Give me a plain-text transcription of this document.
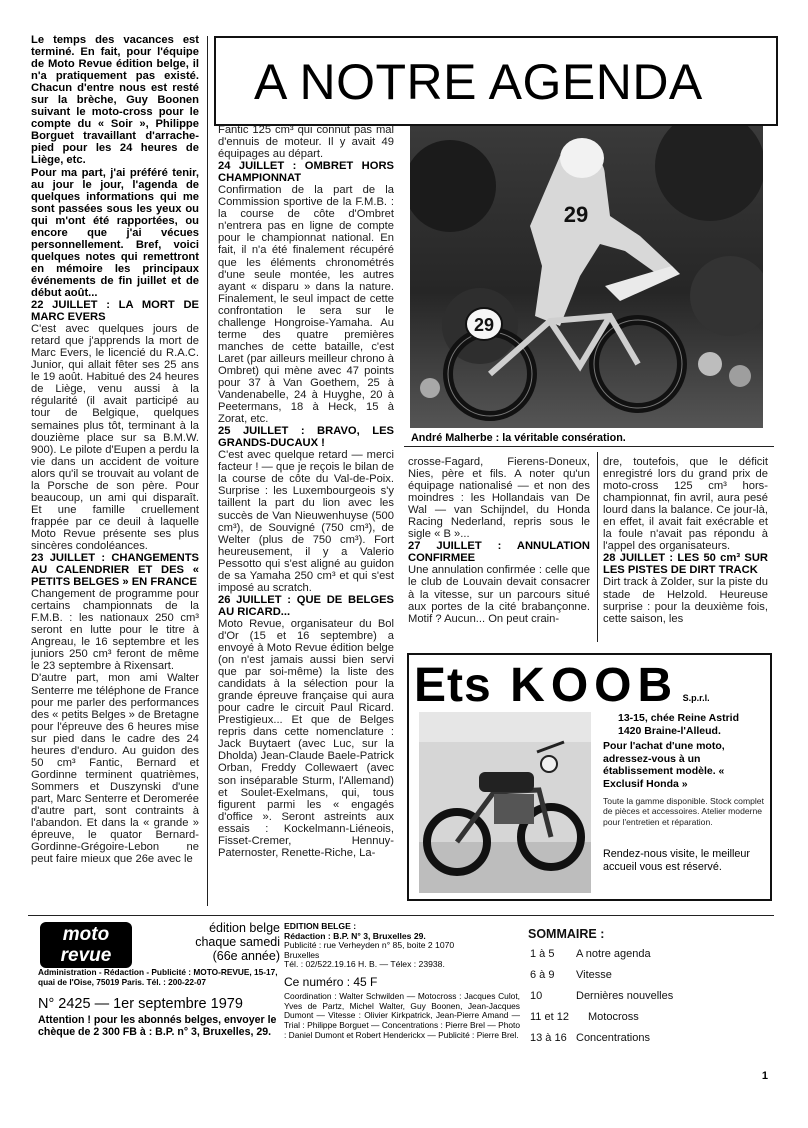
Le temps des vacances est terminé. En fait, pour l'équipe de Moto Revue édition belge, il n'a pratiquement pas existé. Chacun d'entre nous est resté sur la brèche, Guy Boonen suivant le moto-cross pour le compte du « Soir », Philippe Borguet travaillant d'arrache-pied pour les 24 heures de Liège, etc.
Pour ma part, j'ai préféré tenir, au jour le jour, l'agenda de quelques informations qui me sont passées sous les yeux ou qui m'ont été rapportées, ou encore que j'ai vécues personnellement. Bref, voici quelques notes qui remettront en mémoire les principaux événements de fin juillet et de début août...

22 JUILLET : LA MORT DE MARC EVERS

C'est avec quelques jours de retard que j'apprends la mort de Marc Evers, le licencié du R.A.C. Junior, qui allait fêter ses 25 ans le 19 août. Habitué des 24 heures de Liège, venu aussi à la régularité (il avait participé au tour de Belgique, quelques semaines plus tôt, terminant à la douzième place sur sa B.M.W. 900). Le pilote d'Eupen a perdu la vie dans un accident de voiture alors qu'il se trouvait au volant de la Porsche de son père. Pour beaucoup, un ami qui disparaît. Et une famille cruellement frappée par ce deuil à laquelle Moto Revue présente ses plus sincères condoléances.

23 JUILLET : CHANGEMENTS AU CALENDRIER ET DES « PETITS BELGES » EN FRANCE

Changement de programme pour certains championnats de la F.M.B. : les nationaux 250 cm³ seront en lutte pour le titre à Angreau, le 16 septembre et les juniors 250 cm³ feront de même le 23 septembre à Rixensart.
D'autre part, mon ami Walter Senterre me téléphone de France pour me parler des performances des « petits Belges » de Bretagne pour l'épreuve des 6 heures mise sur pied dans le cadre des 24 heures d'enduro. Au guidon des 50 cm³ Fantic, Bernard et Gordinne terminent quatrièmes, Sommers et Duszynski d'une part, Marc Senterre et Deromerée d'autre part, sont contraints à l'abandon. Et dans la « grande » épreuve, le quator Bernard-Gordinne-Grégoire-Lebon ne peut faire mieux que 26e avec le

A NOTRE AGENDA

Fantic 125 cm³ qui connut pas mal d'ennuis de moteur. Il y avait 49 équipages au départ.

24 JUILLET : OMBRET HORS CHAMPIONNAT

Confirmation de la part de la Commission sportive de la F.M.B. : la course de côte d'Ombret n'entrera pas en ligne de compte pour le championnat national. En fait, il n'a été finalement récupéré que les éléments chronométrés d'une seule montée, les autres ayant « disparu » dans la nature. Finalement, le seul impact de cette confrontation le sera sur le challenge Hongroise-Yamaha. Au terme des quatre premières manches de cette bataille, c'est Laret (par ailleurs meilleur chrono à Ombret) qui mène avec 47 points pour 37 à Van Goethem, 25 à Vandenabelle, 24 à Huyghe, 20 à Peetermans, 18 à Heck, 15 à Zorat, etc.

25 JUILLET : BRAVO, LES GRANDS-DUCAUX !

C'est avec quelque retard — merci facteur ! — que je reçois le bilan de la course de côte du Val-de-Poix. Surprise : les Luxembourgeois s'y taillent la part du lion avec les succès de Van Nieuwenhuyse (500 cm³), de Souvigné (750 cm³), de Welter (plus de 750 cm³). Fort heureusement, il y a Valerio Pessotto qui s'est aligné au guidon de sa Yamaha 250 cm³ et qui s'est imposé au scratch.

26 JUILLET : QUE DE BELGES AU RICARD...

Moto Revue, organisateur du Bol d'Or (15 et 16 septembre) a envoyé à Moto Revue édition belge (on n'est jamais aussi bien servi que par soi-même) la liste des candidats à la sélection pour la grande épreuve française qui aura pour cadre le circuit Paul Ricard. Prestigieux... Et que de Belges repris dans cette nomenclature : Jack Buytaert (avec Luc, sur la Dholda) Jean-Claude Baele-Patrick Orban, Freddy Collewaert (avec son inséparable Sturm, l'Allemand) et Soulet-Exelmans, qui, tous figurent parmi les « engagés d'office ». Seront astreints aux essais : Kockelmann-Liéneois, Fisset-Cremer, Hennuy-Paternoster, Renette-Riche, La-

29
29
André Malherbe : la véritable consération.

crosse-Fagard, Fierens-Doneux, Nies, père et fils. A noter qu'un équipage nationalisé — et non des moindres : les Hollandais van De Wal — van Schijndel, du Honda Racing Nederland, repris sous le sigle « B »...

27 JUILLET : ANNULATION CONFIRMEE

Une annulation confirmée : celle que le club de Louvain devait consacrer à la vitesse, sur un parcours situé aux portes de la cité brabançonne. Motif ? Aucun... On peut crain-

dre, toutefois, que le déficit enregistré lors du grand prix de moto-cross 125 cm³ hors-championnat, fin avril, aura pesé lourd dans la balance. Ce jour-là, en effet, il avait fait exécrable et la foule n'avait pas répondu à l'appel des organisateurs.

28 JUILLET : LES 50 cm³ SUR LES PISTES DE DIRT TRACK

Dirt track à Zolder, sur la piste du stade de Helzold. Heureuse surprise : pour la deuxième fois, cette saison, les

Ets KOOB S.p.r.l.
13-15, chée Reine Astrid
1420 Braine-l'Alleud.
Pour l'achat d'une moto, adressez-vous à un établissement modèle. « Exclusif Honda »
Toute la gamme disponible. Stock complet de pièces et accessoires. Atelier moderne pour l'entretien et réparation.
Rendez-nous visite, le meilleur accueil vous est réservé.
moto
revue
édition belge
chaque samedi
(66e année)
Administration - Rédaction - Publicité : MOTO-REVUE, 15-17, quai de l'Oise, 75019 Paris. Tél. : 200-22-07
N° 2425 — 1er septembre 1979
Attention ! pour les abonnés belges, envoyer le chèque de 2 300 FB à : B.P. n° 3, Bruxelles, 29.
EDITION BELGE :
Rédaction : B.P. N° 3, Bruxelles 29.
Publicité : rue Verheyden n° 85, boite 2 1070 Bruxelles
Tél. : 02/522.19.16 H. B. — Télex : 23938.
Ce numéro : 45 F
Coordination : Walter Schwilden — Motocross : Jacques Culot, Yves de Partz, Michel Walter, Guy Boonen, Jean-Jacques Dumont — Vitesse : Olivier Kirkpatrick, Jean-Pierre Amand — Trial : Philippe Borguet — Concentrations : Pierre Brel — Photo : Daniel Dumont et Robert Henderickx — Publicité : Pierre Brel.
SOMMAIRE :
1 à 5 A notre agenda
6 à 9 Vitesse
10	Dernières nouvelles
11 et 12 Motocross
13 à 16 Concentrations
1
